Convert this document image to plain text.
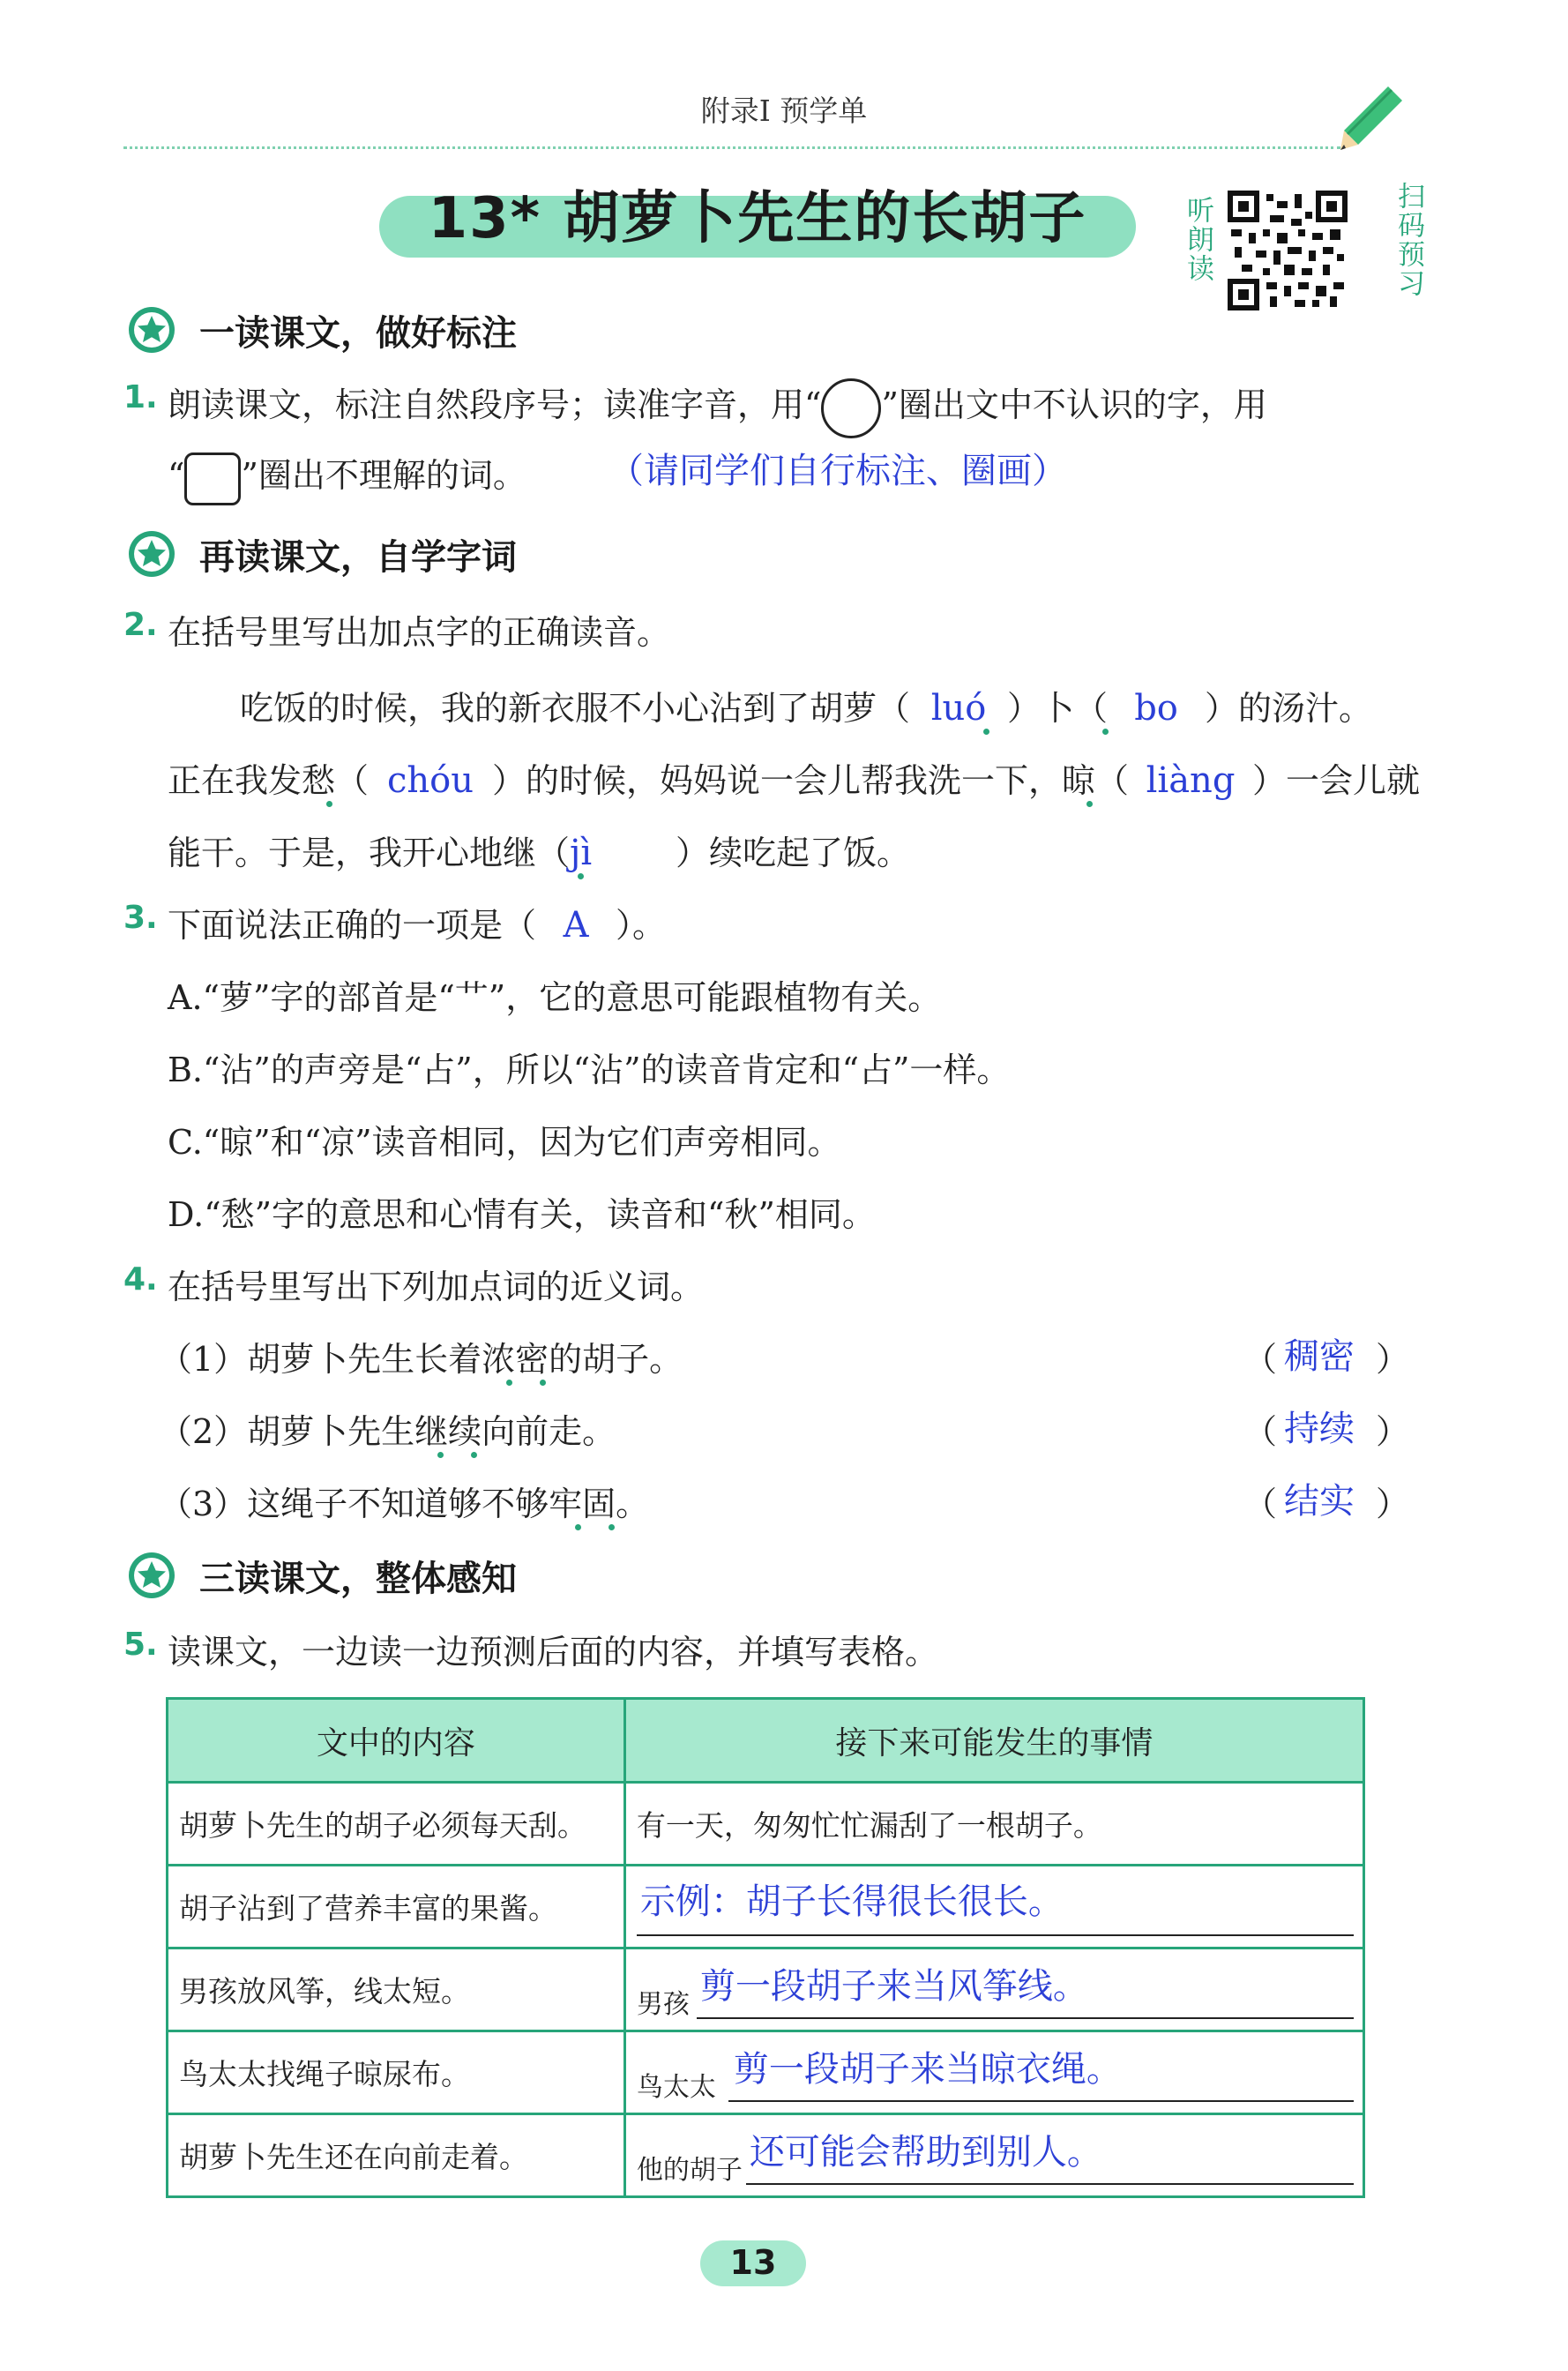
附录Ⅰ 预学单
13* 胡萝卜先生的长胡子	听朗读	扫码预习
一读课文，做好标注
1. 朗读课文，标注自然段序号；读准字音，用“ ”圈出文中不认识的字，用
“ ”圈出不理解的词。 （请同学们自行标注、圈画）
再读课文，自学字词
2. 在括号里写出加点字的正确读音。
吃饭的时候，我的新衣服不小心沾到了胡萝（ luó ）卜（ bo ）的汤汁。
正在我发愁（ chóu ）的时候，妈妈说一会儿帮我洗一下，晾（ liàng ）一会儿就
能干。于是，我开心地继（jì ）续吃起了饭。
3. 下面说法正确的一项是（ A ）。
A.“萝”字的部首是“艹”，它的意思可能跟植物有关。
B.“沾”的声旁是“占”，所以“沾”的读音肯定和“占”一样。
C.“晾”和“凉”读音相同，因为它们声旁相同。
D.“愁”字的意思和心情有关，读音和“秋”相同。
4. 在括号里写出下列加点词的近义词。
（1）胡萝卜先生长着浓密的胡子。	（ 稠密 ）
（2）胡萝卜先生继续向前走。	（ 持续 ）
（3）这绳子不知道够不够牢固。	（ 结实 ）
三读课文，整体感知
5. 读课文，一边读一边预测后面的内容，并填写表格。
文中的内容	接下来可能发生的事情

胡萝卜先生的胡子必须每天刮。	有一天，匆匆忙忙漏刮了一根胡子。

胡子沾到了营养丰富的果酱。	示例：胡子长得很长很长。

男孩放风筝，线太短。	男孩 剪一段胡子来当风筝线。

鸟太太找绳子晾尿布。	鸟太太 剪一段胡子来当晾衣绳。

胡萝卜先生还在向前走着。	他的胡子 还可能会帮助到别人。
13
